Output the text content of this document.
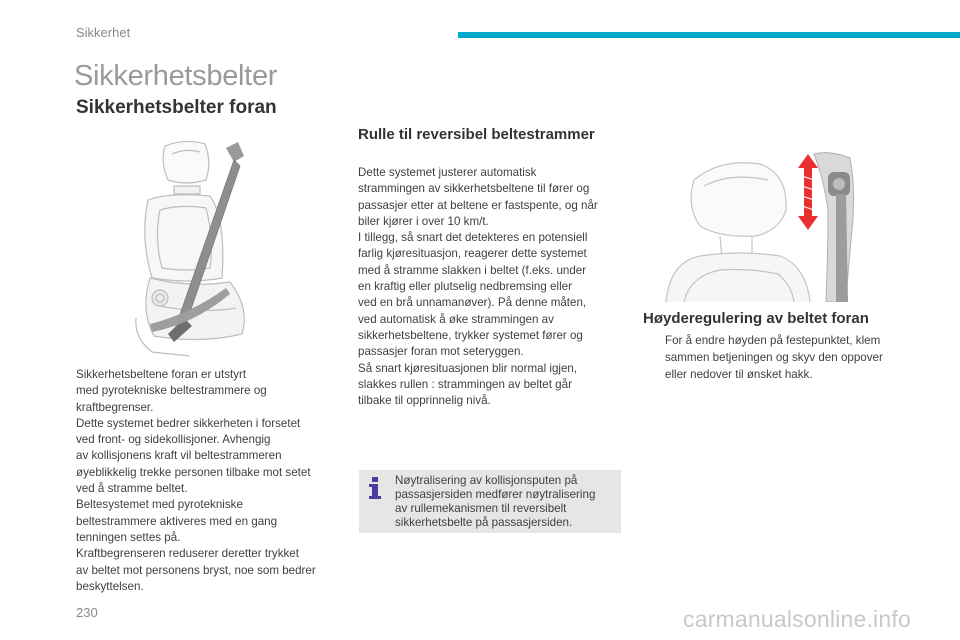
Sikkerhet
Sikkerhetsbelter
Sikkerhetsbelter foran

Sikkerhetsbeltene foran er utstyrt

med pyrotekniske beltestrammere og

kraftbegrenser.

Dette systemet bedrer sikkerheten i forsetet

ved front- og sidekollisjoner. Avhengig

av kollisjonens kraft vil beltestrammeren

øyeblikkelig trekke personen tilbake mot setet

ved å stramme beltet.

Beltesystemet med pyrotekniske

beltestrammere aktiveres med en gang

tenningen settes på.

Kraftbegrenseren reduserer deretter trykket

av beltet mot personens bryst, noe som bedrer

beskyttelsen.

Rulle til reversibel beltestrammer

Dette systemet justerer automatisk

strammingen av sikkerhetsbeltene til fører og

passasjer etter at beltene er fastspente, og når

biler kjører i over 10 km/t.

I tillegg, så snart det detekteres en potensiell

farlig kjøresituasjon, reagerer dette systemet

med å stramme slakken i beltet (f.eks. under

en kraftig eller plutselig nedbremsing eller

ved en brå unnamanøver). På denne måten,

ved automatisk å øke strammingen av

sikkerhetsbeltene, trykker systemet fører og

passasjer foran mot seteryggen.

Så snart kjøresituasjonen blir normal igjen,

slakkes rullen : strammingen av beltet går

tilbake til opprinnelig nivå.

Nøytralisering av kollisjonsputen på
passasjersiden medfører nøytralisering
av rullemekanismen til reversibelt
sikkerhetsbelte på passasjersiden.
Høyderegulering av beltet foran
For å endre høyden på festepunktet, klem
sammen betjeningen og skyv den oppover
eller nedover til ønsket hakk.
230	carmanualsonline.info
